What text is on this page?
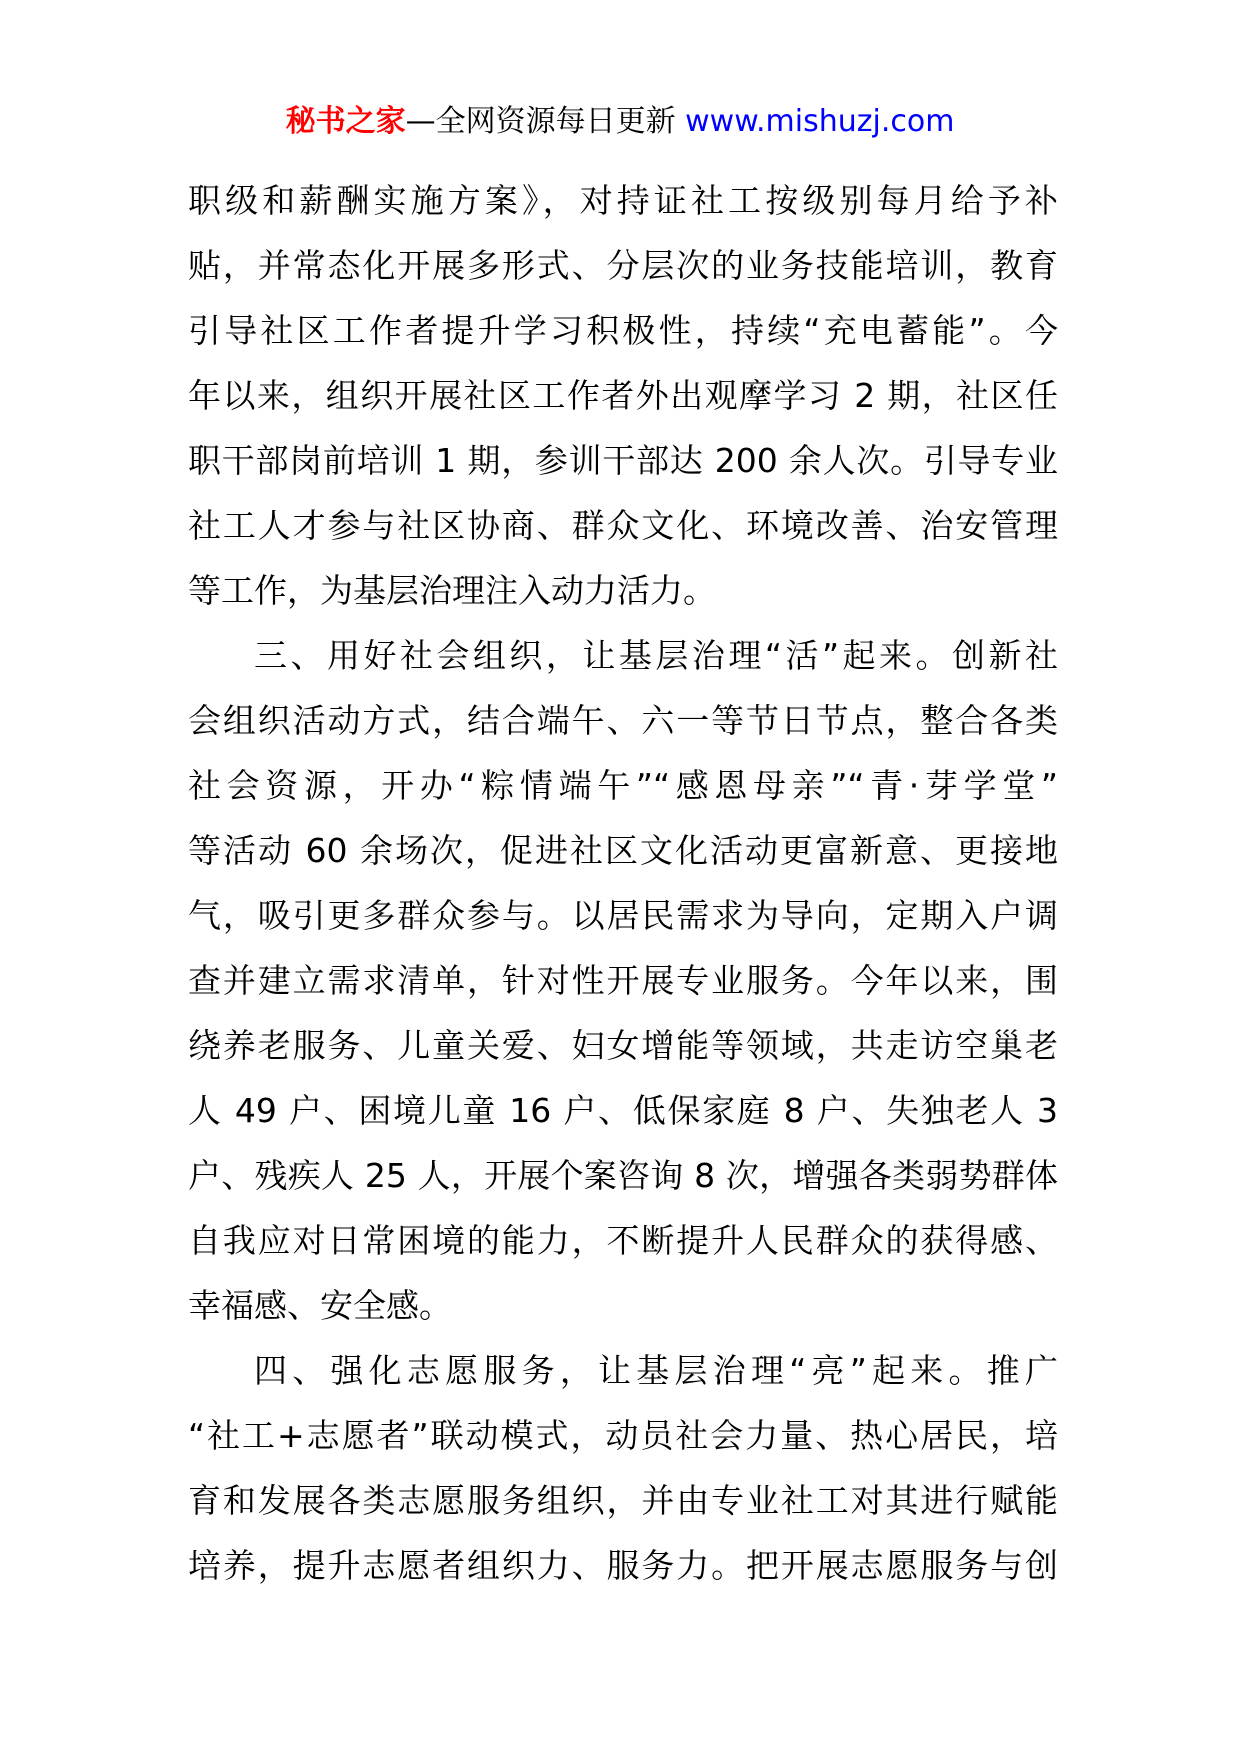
秘书之家—全网资源每日更新 www.mishuzj.com
职级和薪酬实施方案》，对持证社工按级别每月给予补
贴，并常态化开展多形式、分层次的业务技能培训，教育
引导社区工作者提升学习积极性，持续“充电蓄能”。今
年以来，组织开展社区工作者外出观摩学习 2 期，社区任
职干部岗前培训 1 期，参训干部达 200 余人次。引导专业
社工人才参与社区协商、群众文化、环境改善、治安管理
等工作，为基层治理注入动力活力。
三、用好社会组织，让基层治理“活”起来。创新社
会组织活动方式，结合端午、六一等节日节点，整合各类
社会资源，开办“粽情端午”“感恩母亲”“青·芽学堂”
等活动 60 余场次，促进社区文化活动更富新意、更接地
气，吸引更多群众参与。以居民需求为导向，定期入户调
查并建立需求清单，针对性开展专业服务。今年以来，围
绕养老服务、儿童关爱、妇女增能等领域，共走访空巢老
人 49 户、困境儿童 16 户、低保家庭 8 户、失独老人 3
户、残疾人 25 人，开展个案咨询 8 次，增强各类弱势群体
自我应对日常困境的能力，不断提升人民群众的获得感、
幸福感、安全感。
四、强化志愿服务，让基层治理“亮”起来。推广
“社工+志愿者”联动模式，动员社会力量、热心居民，培
育和发展各类志愿服务组织，并由专业社工对其进行赋能
培养，提升志愿者组织力、服务力。把开展志愿服务与创
